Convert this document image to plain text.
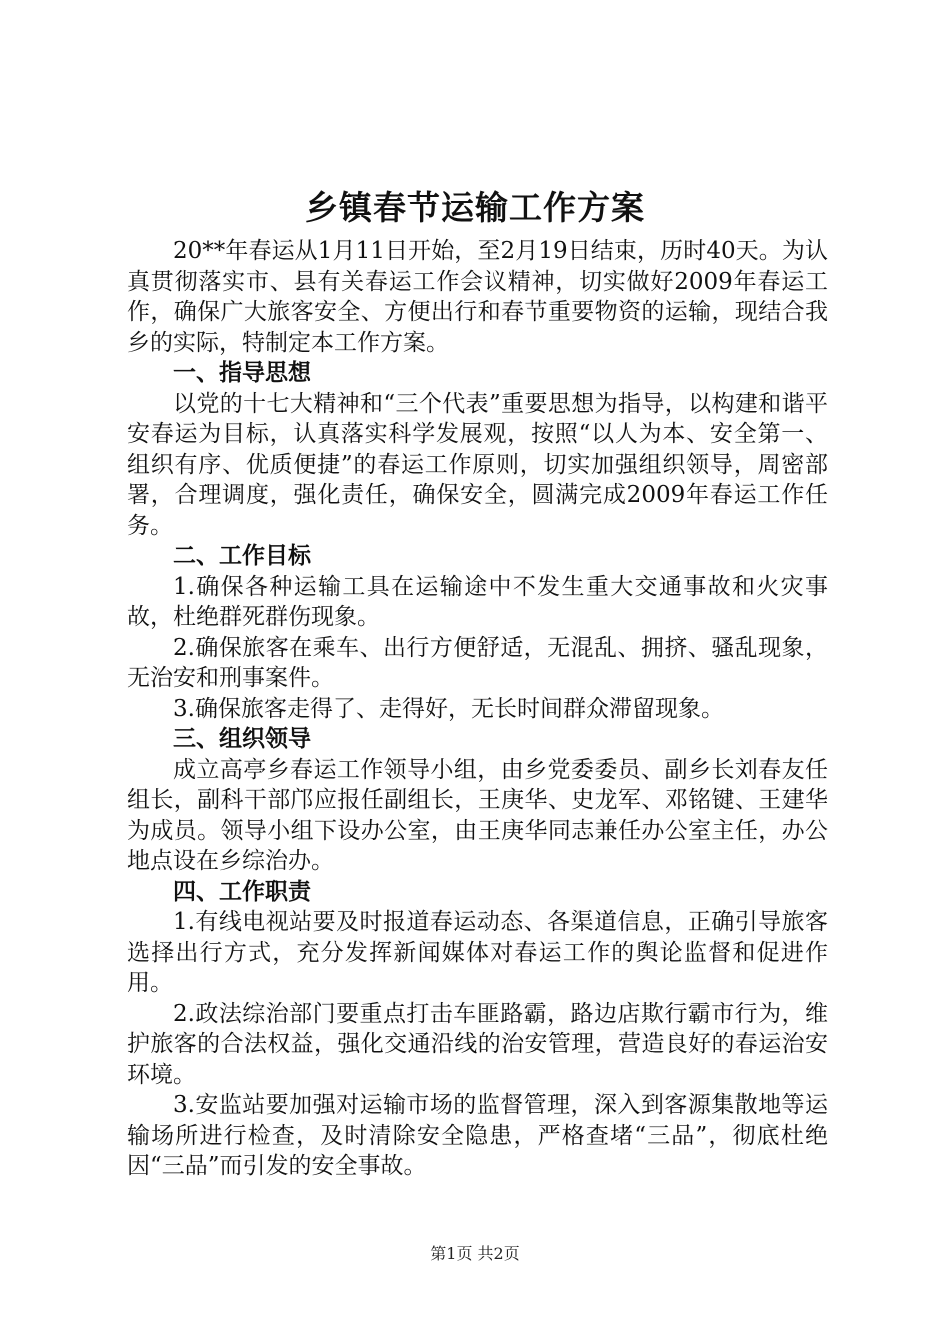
乡镇春节运输工作方案

20**年春运从1月11日开始，至2月19日结束，历时40天。为认真贯彻落实市、县有关春运工作会议精神，切实做好2009年春运工作，确保广大旅客安全、方便出行和春节重要物资的运输，现结合我乡的实际，特制定本工作方案。

一、指导思想

以党的十七大精神和“三个代表”重要思想为指导，以构建和谐平安春运为目标，认真落实科学发展观，按照“以人为本、安全第一、组织有序、优质便捷”的春运工作原则，切实加强组织领导，周密部署，合理调度，强化责任，确保安全，圆满完成2009年春运工作任务。

二、工作目标

1.确保各种运输工具在运输途中不发生重大交通事故和火灾事故，杜绝群死群伤现象。

2.确保旅客在乘车、出行方便舒适，无混乱、拥挤、骚乱现象，无治安和刑事案件。

3.确保旅客走得了、走得好，无长时间群众滞留现象。

三、组织领导

成立高亭乡春运工作领导小组，由乡党委委员、副乡长刘春友任组长，副科干部邝应报任副组长，王庚华、史龙军、邓铭键、王建华为成员。领导小组下设办公室，由王庚华同志兼任办公室主任，办公地点设在乡综治办。

四、工作职责

1.有线电视站要及时报道春运动态、各渠道信息，正确引导旅客选择出行方式，充分发挥新闻媒体对春运工作的舆论监督和促进作用。

2.政法综治部门要重点打击车匪路霸，路边店欺行霸市行为，维护旅客的合法权益，强化交通沿线的治安管理，营造良好的春运治安环境。

3.安监站要加强对运输市场的监督管理，深入到客源集散地等运输场所进行检查，及时清除安全隐患，严格查堵“三品”，彻底杜绝因“三品”而引发的安全事故。

第1页 共2页
